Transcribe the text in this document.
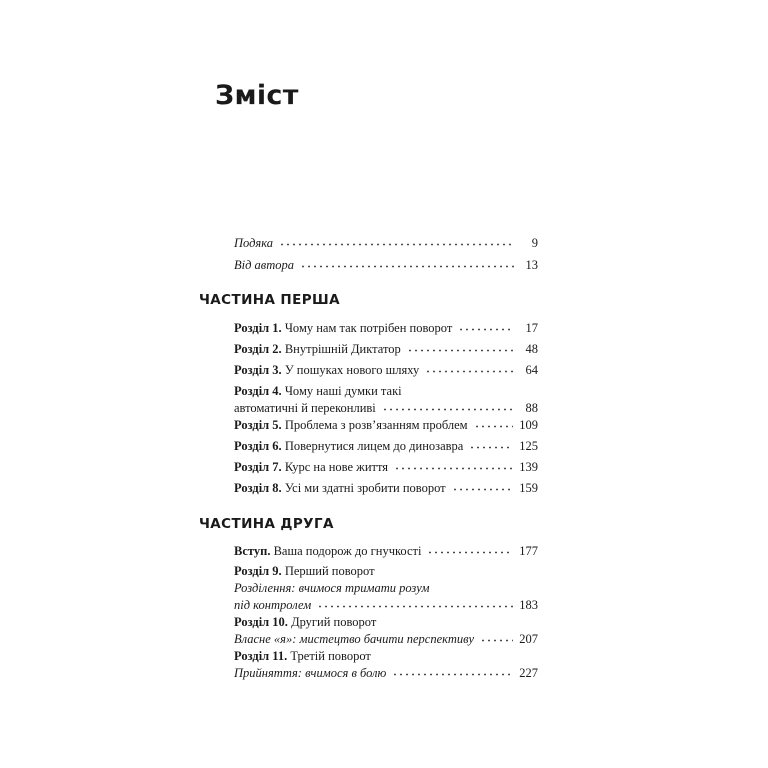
Зміст
Подяка	9
Від автора	13
ЧАСТИНА ПЕРША
Розділ 1. Чому нам так потрібен поворот	17
Розділ 2. Внутрішній Диктатор	48
Розділ 3. У пошуках нового шляху	64
Розділ 4. Чому наші думки такі
автоматичні й переконливі	88
Розділ 5. Проблема з розв’язанням проблем	109
Розділ 6. Повернутися лицем до динозавра	125
Розділ 7. Курс на нове життя	139
Розділ 8. Усі ми здатні зробити поворот	159
ЧАСТИНА ДРУГА
Вступ. Ваша подорож до гнучкості	177
Розділ 9. Перший поворот
Розділення: вчимося тримати розум
під контролем	183
Розділ 10. Другий поворот
Власне «я»: мистецтво бачити перспективу	207
Розділ 11. Третій поворот
Прийняття: вчимося в болю	227
